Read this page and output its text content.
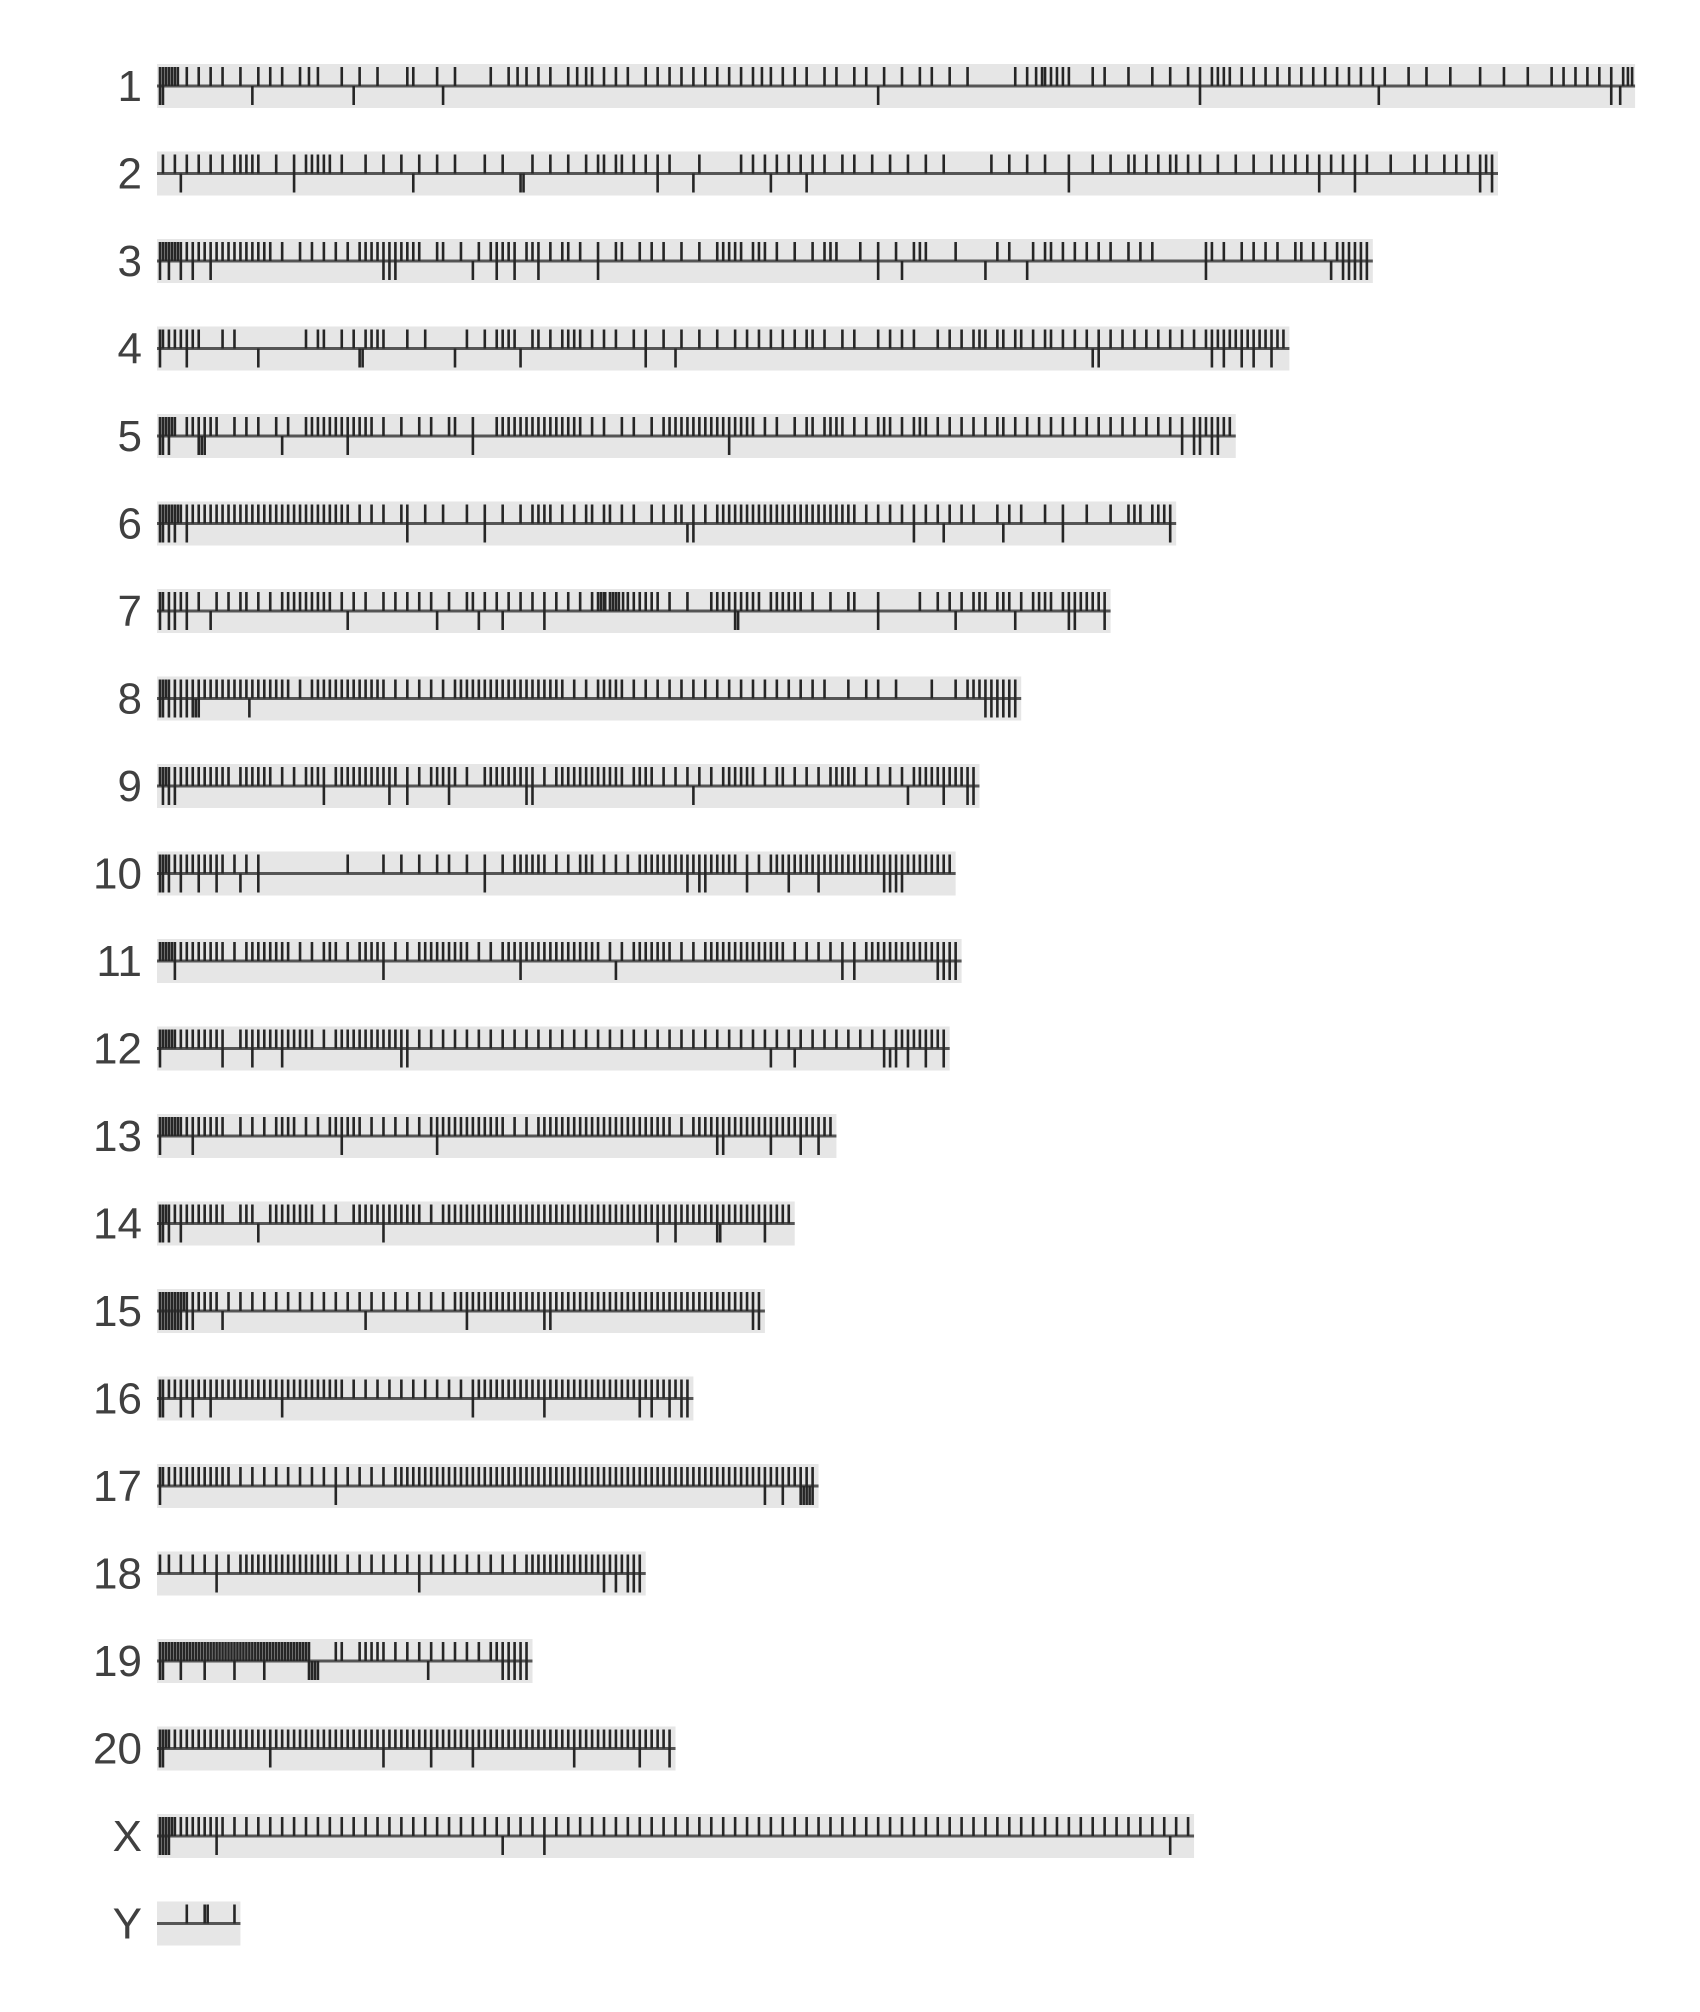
1
2
3
4
5
6
7
8
9
10
11
12
13
14
15
16
17
18
19
20
X
Y
